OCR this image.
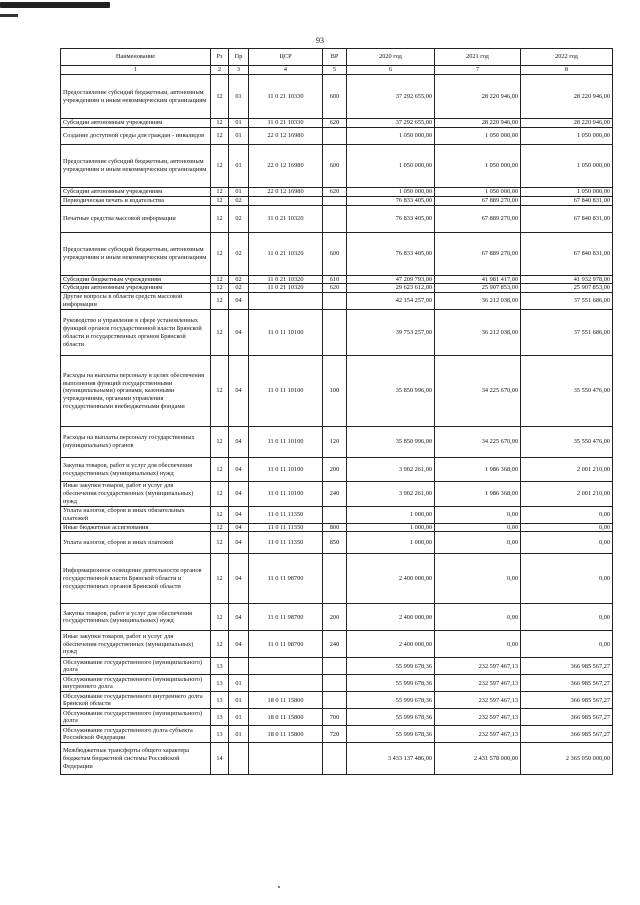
93
Наименование	Рз	Пр	ЦСР	ВР	2020 год	2021 год	2022 год
1	2	3	4	5	6	7	8
Предоставление субсидий бюджетным, автономным учреждениям и иным некоммерческим организациям	12	01	11 0 21 10330	600	37 292 655,00	28 220 946,00	28 220 946,00
Субсидии автономным учреждениям	12	01	11 0 21 10330	620	37 292 655,00	28 220 946,00	28 220 946,00
Создание доступной среды для граждан - инвалидов	12	01	22 0 12 16980		1 050 000,00	1 050 000,00	1 050 000,00
Предоставление субсидий бюджетным, автономным учреждениям и иным некоммерческим организациям	12	01	22 0 12 16980	600	1 050 000,00	1 050 000,00	1 050 000,00
Субсидии автономным учреждениям	12	01	22 0 12 16980	620	1 050 000,00	1 050 000,00	1 050 000,00
Периодическая печать и издательства	12	02			76 833 405,00	67 889 270,00	67 840 831,00
Печатные средства массовой информации	12	02	11 0 21 10320		76 833 405,00	67 889 270,00	67 840 831,00
Предоставление субсидий бюджетным, автономным учреждениям и иным некоммерческим организациям	12	02	11 0 21 10320	600	76 833 405,00	67 889 270,00	67 840 831,00
Субсидии бюджетным учреждениям	12	02	11 0 21 10320	610	47 209 793,00	41 981 417,00	41 932 978,00
Субсидии автономным учреждениям	12	02	11 0 21 10320	620	29 623 612,00	25 907 853,00	25 907 853,00
Другие вопросы в области средств массовой информации	12	04			42 154 257,00	36 212 038,00	37 551 686,00
Руководство и управление в сфере установленных функций органов государственной власти Брянской области и государственных органов Брянской области	12	04	11 0 11 10100		39 753 257,00	36 212 038,00	37 551 686,00
Расходы на выплаты персоналу в целях обеспечения выполнения функций государственными (муниципальными) органами, казенными учреждениями, органами управления государственными внебюджетными фондами	12	04	11 0 11 10100	100	35 850 996,00	34 225 670,00	35 550 476,00
Расходы на выплаты персоналу государственных (муниципальных) органов	12	04	11 0 11 10100	120	35 850 996,00	34 225 670,00	35 550 476,00
Закупка товаров, работ и услуг для обеспечения государственных (муниципальных) нужд	12	04	11 0 11 10100	200	3 902 261,00	1 986 368,00	2 001 210,00
Иные закупки товаров, работ и услуг для обеспечения государственных (муниципальных) нужд	12	04	11 0 11 10100	240	3 902 261,00	1 986 368,00	2 001 210,00
Уплата налогов, сборов и иных обязательных платежей	12	04	11 0 11 11350		1 000,00	0,00	0,00
Иные бюджетные ассигнования	12	04	11 0 11 11350	800	1 000,00	0,00	0,00
Уплата налогов, сборов и иных платежей	12	04	11 0 11 11350	850	1 000,00	0,00	0,00
Информационное освещение деятельности органов государственной власти Брянской области и государственных органов Брянской области	12	04	11 0 11 98700		2 400 000,00	0,00	0,00
Закупка товаров, работ и услуг для обеспечения государственных (муниципальных) нужд	12	04	11 0 11 98700	200	2 400 000,00	0,00	0,00
Иные закупки товаров, работ и услуг для обеспечения государственных (муниципальных) нужд	12	04	11 0 11 98700	240	2 400 000,00	0,00	0,00
Обслуживание государственного (муниципального) долга	13				55 999 678,36	232 597 467,13	366 985 567,27
Обслуживание государственного (муниципального) внутреннего долга	13	01			55 999 678,36	232 597 467,13	366 985 567,27
Обслуживание государственного внутреннего долга Брянской области	13	01	18 0 11 15800		55 999 678,36	232 597 467,13	366 985 567,27
Обслуживание государственного (муниципального) долга	13	01	18 0 11 15800	700	55 999 678,36	232 597 467,13	366 985 567,27
Обслуживание государственного долга субъекта Российской Федерации	13	01	18 0 11 15800	720	55 999 678,36	232 597 467,13	366 985 567,27
Межбюджетные трансферты общего характера бюджетам бюджетной системы Российской Федерации	14				3 433 137 486,00	2 431 578 000,00	2 365 050 000,00
